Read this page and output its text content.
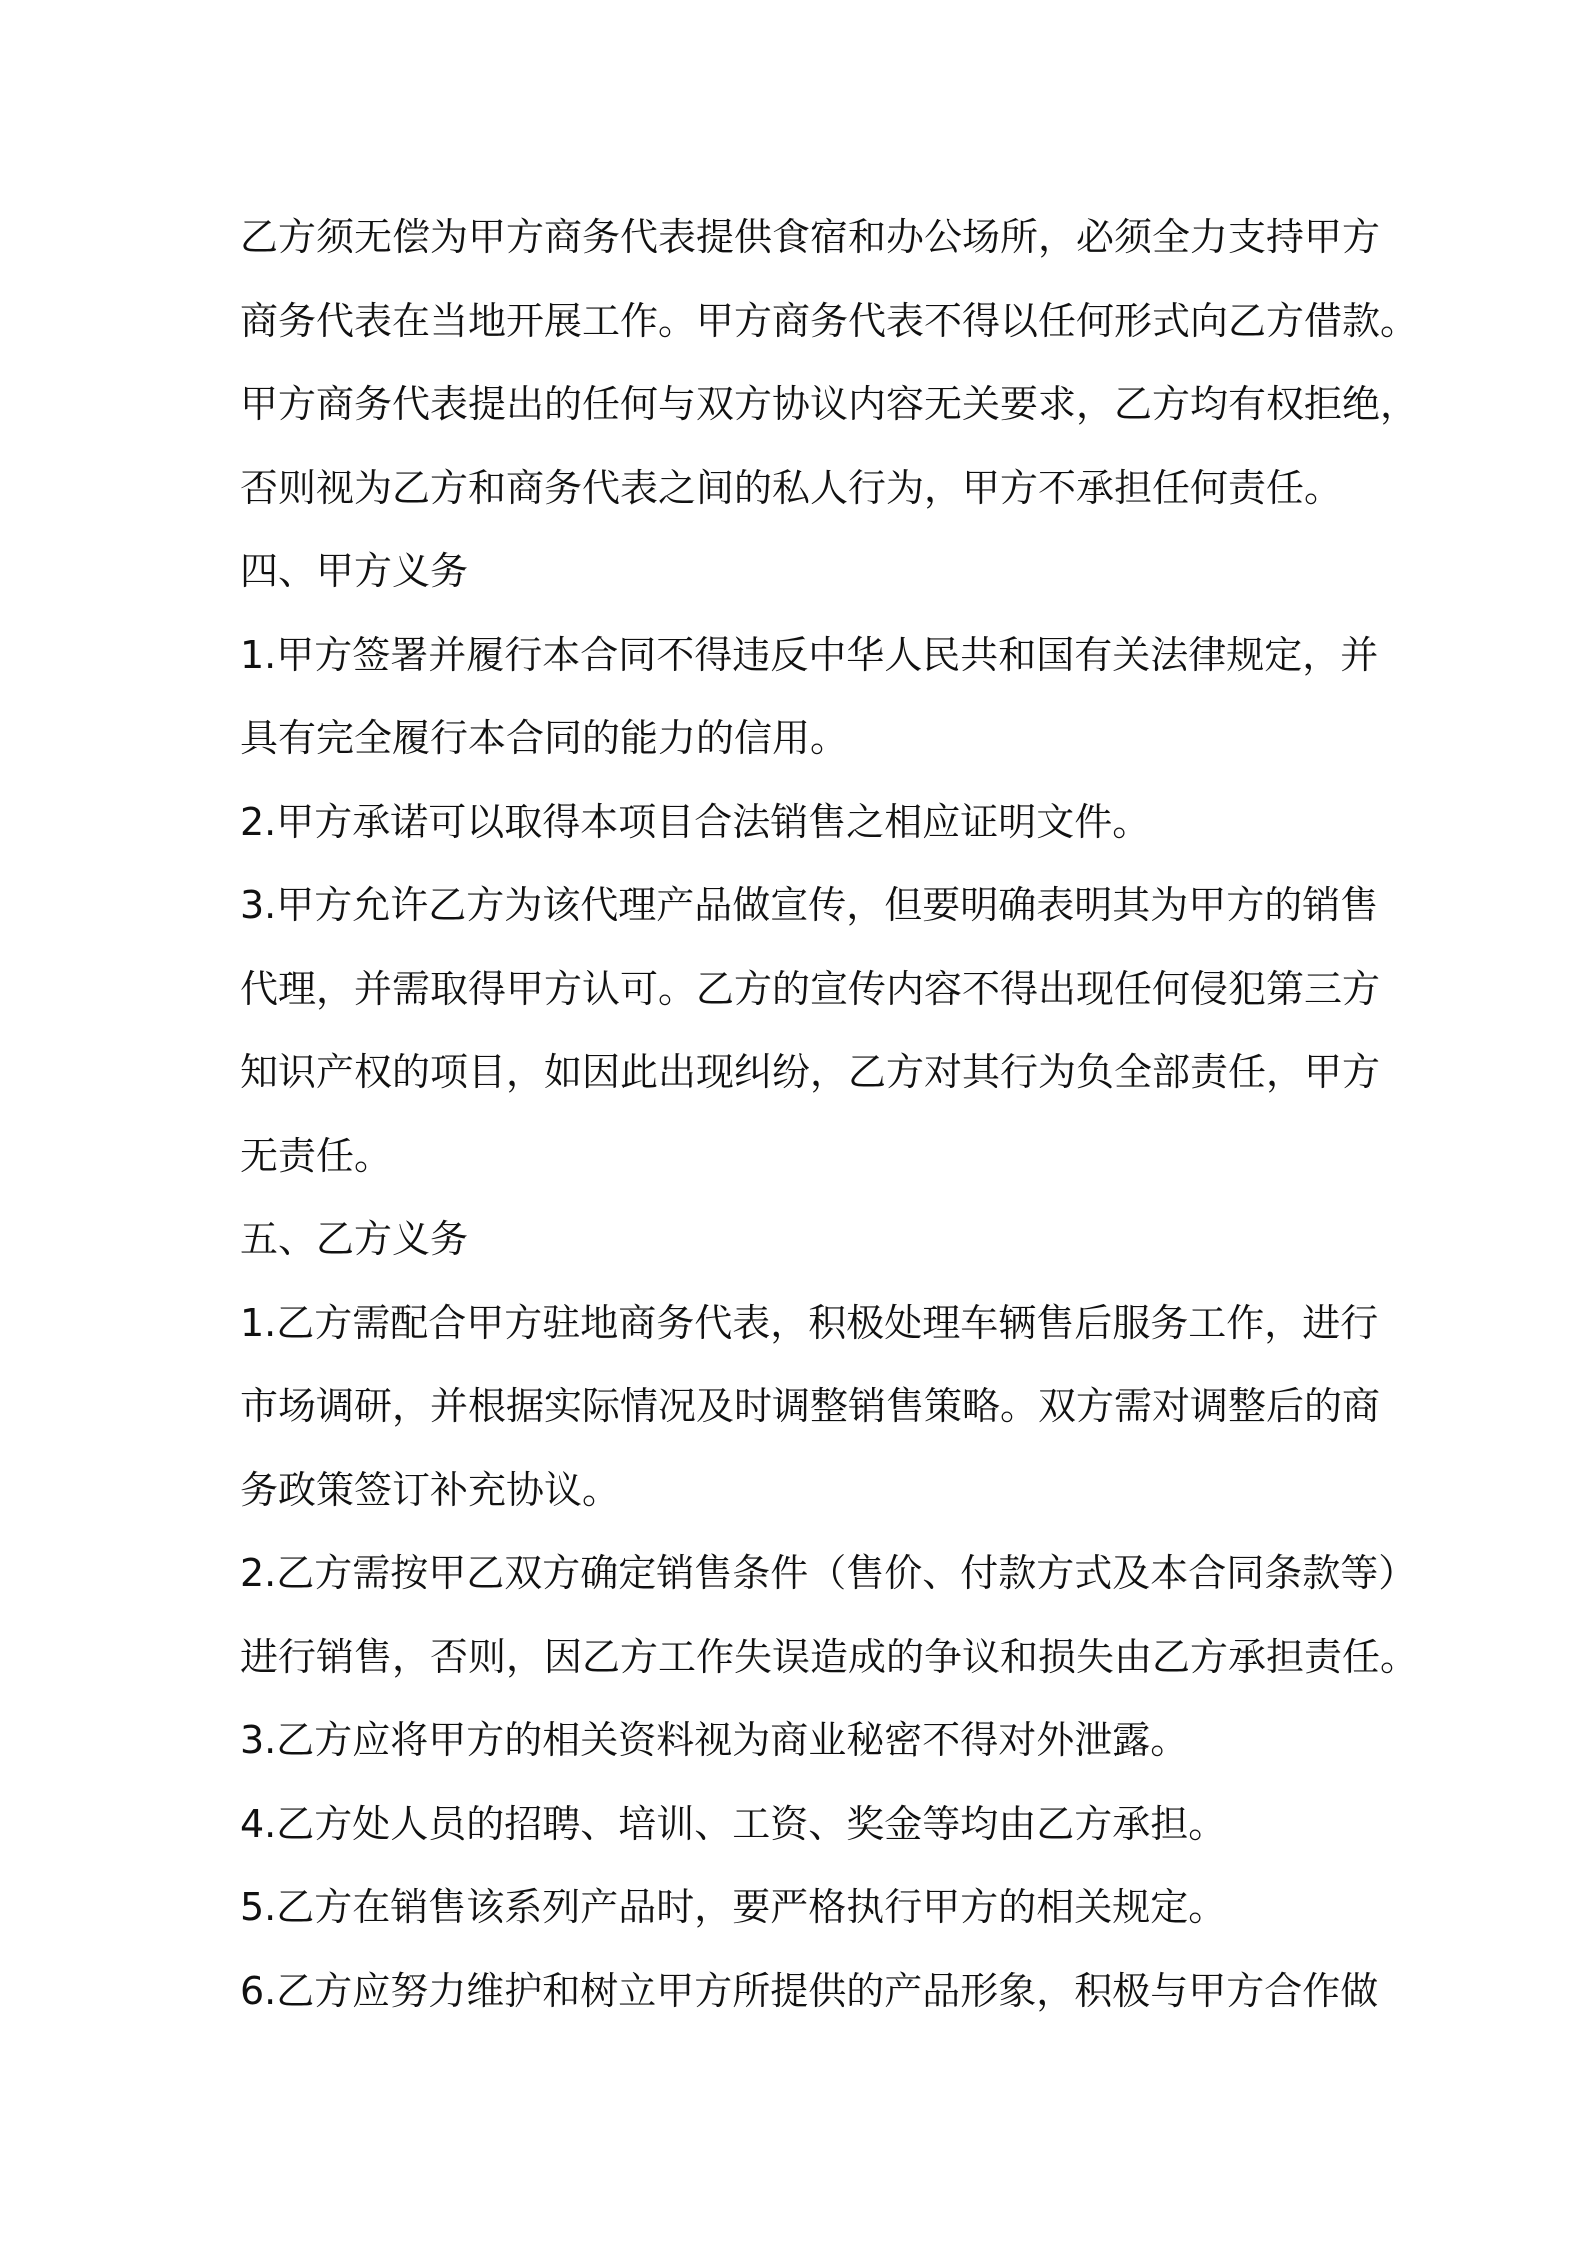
乙方须无偿为甲方商务代表提供食宿和办公场所，必须全力支持甲方
商务代表在当地开展工作。甲方商务代表不得以任何形式向乙方借款。
甲方商务代表提出的任何与双方协议内容无关要求，乙方均有权拒绝，
否则视为乙方和商务代表之间的私人行为，甲方不承担任何责任。
四、甲方义务
1.甲方签署并履行本合同不得违反中华人民共和国有关法律规定，并
具有完全履行本合同的能力的信用。
2.甲方承诺可以取得本项目合法销售之相应证明文件。
3.甲方允许乙方为该代理产品做宣传，但要明确表明其为甲方的销售
代理，并需取得甲方认可。乙方的宣传内容不得出现任何侵犯第三方
知识产权的项目，如因此出现纠纷，乙方对其行为负全部责任，甲方
无责任。
五、乙方义务
1.乙方需配合甲方驻地商务代表，积极处理车辆售后服务工作，进行
市场调研，并根据实际情况及时调整销售策略。双方需对调整后的商
务政策签订补充协议。
2.乙方需按甲乙双方确定销售条件（售价、付款方式及本合同条款等）
进行销售，否则，因乙方工作失误造成的争议和损失由乙方承担责任。
3.乙方应将甲方的相关资料视为商业秘密不得对外泄露。
4.乙方处人员的招聘、培训、工资、奖金等均由乙方承担。
5.乙方在销售该系列产品时，要严格执行甲方的相关规定。
6.乙方应努力维护和树立甲方所提供的产品形象，积极与甲方合作做
